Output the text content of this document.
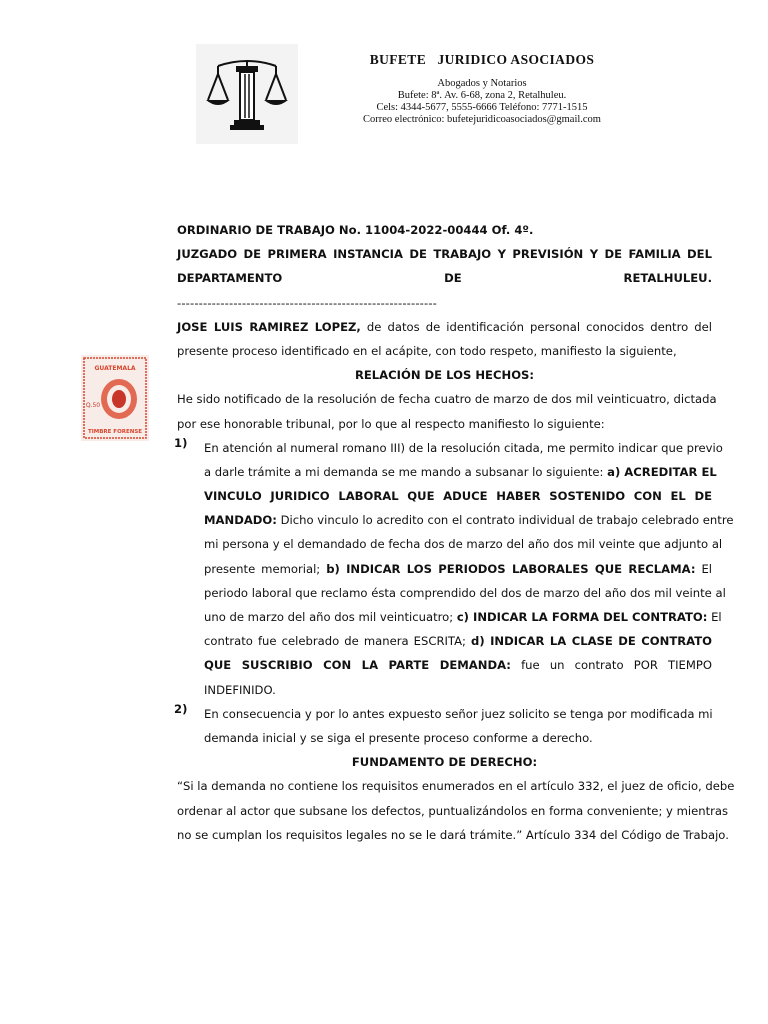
BUFETE   JURIDICO ASOCIADOS
Abogados y Notarios
Bufete: 8ª. Av. 6-68, zona 2, Retalhuleu.
Cels: 4344-5677, 5555-6666 Teléfono: 7771-1515
Correo electrónico: bufetejuridicoasociados@gmail.com
GUATEMALA
Q.50
TIMBRE FORENSE
ORDINARIO DE TRABAJO No. 11004-2022-00444 Of. 4º.
JUZGADO DE PRIMERA INSTANCIA DE TRABAJO Y PREVISIÓN Y DE FAMILIA DEL
DEPARTAMENTO	DE	RETALHULEU.
------------------------------------------------------------
JOSE LUIS RAMIREZ LOPEZ, de datos de identificación personal conocidos dentro del
presente proceso identificado en el acápite, con todo respeto, manifiesto la siguiente,
RELACIÓN DE LOS HECHOS:
He sido notificado de la resolución de fecha cuatro de marzo de dos mil veinticuatro, dictada
por ese honorable tribunal, por lo que al respecto manifiesto lo siguiente:
1) En atención al numeral romano III) de la resolución citada, me permito indicar que previo
a darle trámite a mi demanda se me mando a subsanar lo siguiente: a) ACREDITAR EL
VINCULO JURIDICO LABORAL QUE ADUCE HABER SOSTENIDO CON EL DE
MANDADO: Dicho vinculo lo acredito con el contrato individual de trabajo celebrado entre
mi persona y el demandado de fecha dos de marzo del año dos mil veinte que adjunto al
presente memorial; b) INDICAR LOS PERIODOS LABORALES QUE RECLAMA: El
periodo laboral que reclamo ésta comprendido del dos de marzo del año dos mil veinte al
uno de marzo del año dos mil veinticuatro; c) INDICAR LA FORMA DEL CONTRATO: El
contrato fue celebrado de manera ESCRITA; d) INDICAR LA CLASE DE CONTRATO
QUE SUSCRIBIO CON LA PARTE DEMANDA: fue un contrato POR TIEMPO
INDEFINIDO.
2) En consecuencia y por lo antes expuesto señor juez solicito se tenga por modificada mi
demanda inicial y se siga el presente proceso conforme a derecho.
FUNDAMENTO DE DERECHO:
“Si la demanda no contiene los requisitos enumerados en el artículo 332, el juez de oficio, debe
ordenar al actor que subsane los defectos, puntualizándolos en forma conveniente; y mientras
no se cumplan los requisitos legales no se le dará trámite.” Artículo 334 del Código de Trabajo.
